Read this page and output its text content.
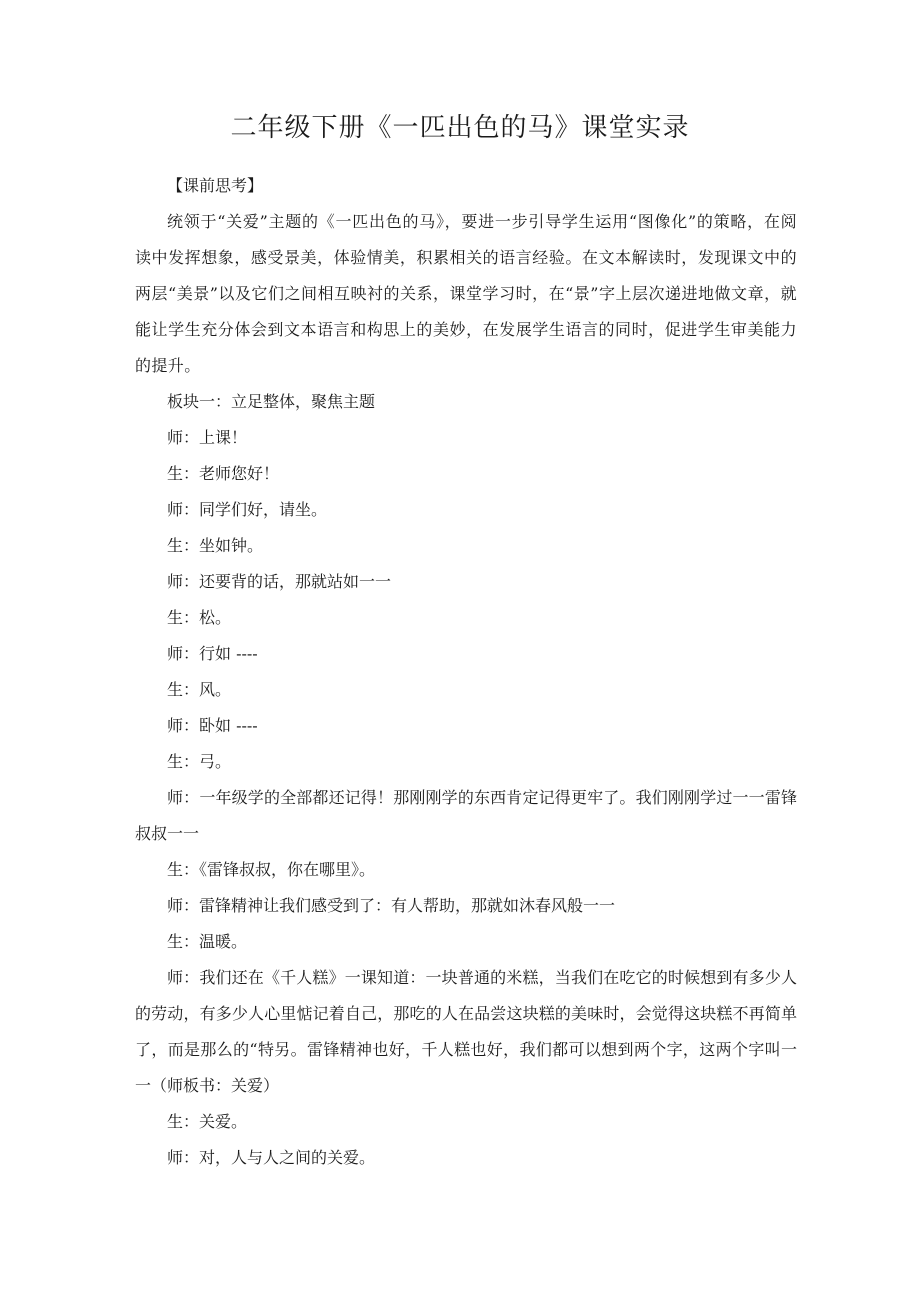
二年级下册《一匹出色的马》课堂实录

【课前思考】

统领于“关爱”主题的《一匹出色的马》，要进一步引导学生运用“图像化”的策略，在阅读中发挥想象，感受景美，体验情美，积累相关的语言经验。在文本解读时，发现课文中的两层“美景”以及它们之间相互映衬的关系，课堂学习时，在“景”字上层次递进地做文章，就能让学生充分体会到文本语言和构思上的美妙，在发展学生语言的同时，促进学生审美能力的提升。

板块一：立足整体，聚焦主题

师：上课！

生：老师您好！

师：同学们好，请坐。

生：坐如钟。

师：还要背的话，那就站如一一

生：松。

师：行如 ----

生：风。

师：卧如 ----

生：弓。

师：一年级学的全部都还记得！那刚刚学的东西肯定记得更牢了。我们刚刚学过一一雷锋叔叔一一

生：《雷锋叔叔，你在哪里》。

师：雷锋精神让我们感受到了：有人帮助，那就如沐春风般一一

生：温暖。

师：我们还在《千人糕》一课知道：一块普通的米糕，当我们在吃它的时候想到有多少人的劳动，有多少人心里惦记着自己，那吃的人在品尝这块糕的美味时，会觉得这块糕不再简单了，而是那么的“特另。雷锋精神也好，千人糕也好，我们都可以想到两个字，这两个字叫一一（师板书：关爱）

生：关爱。

师：对，人与人之间的关爱。
